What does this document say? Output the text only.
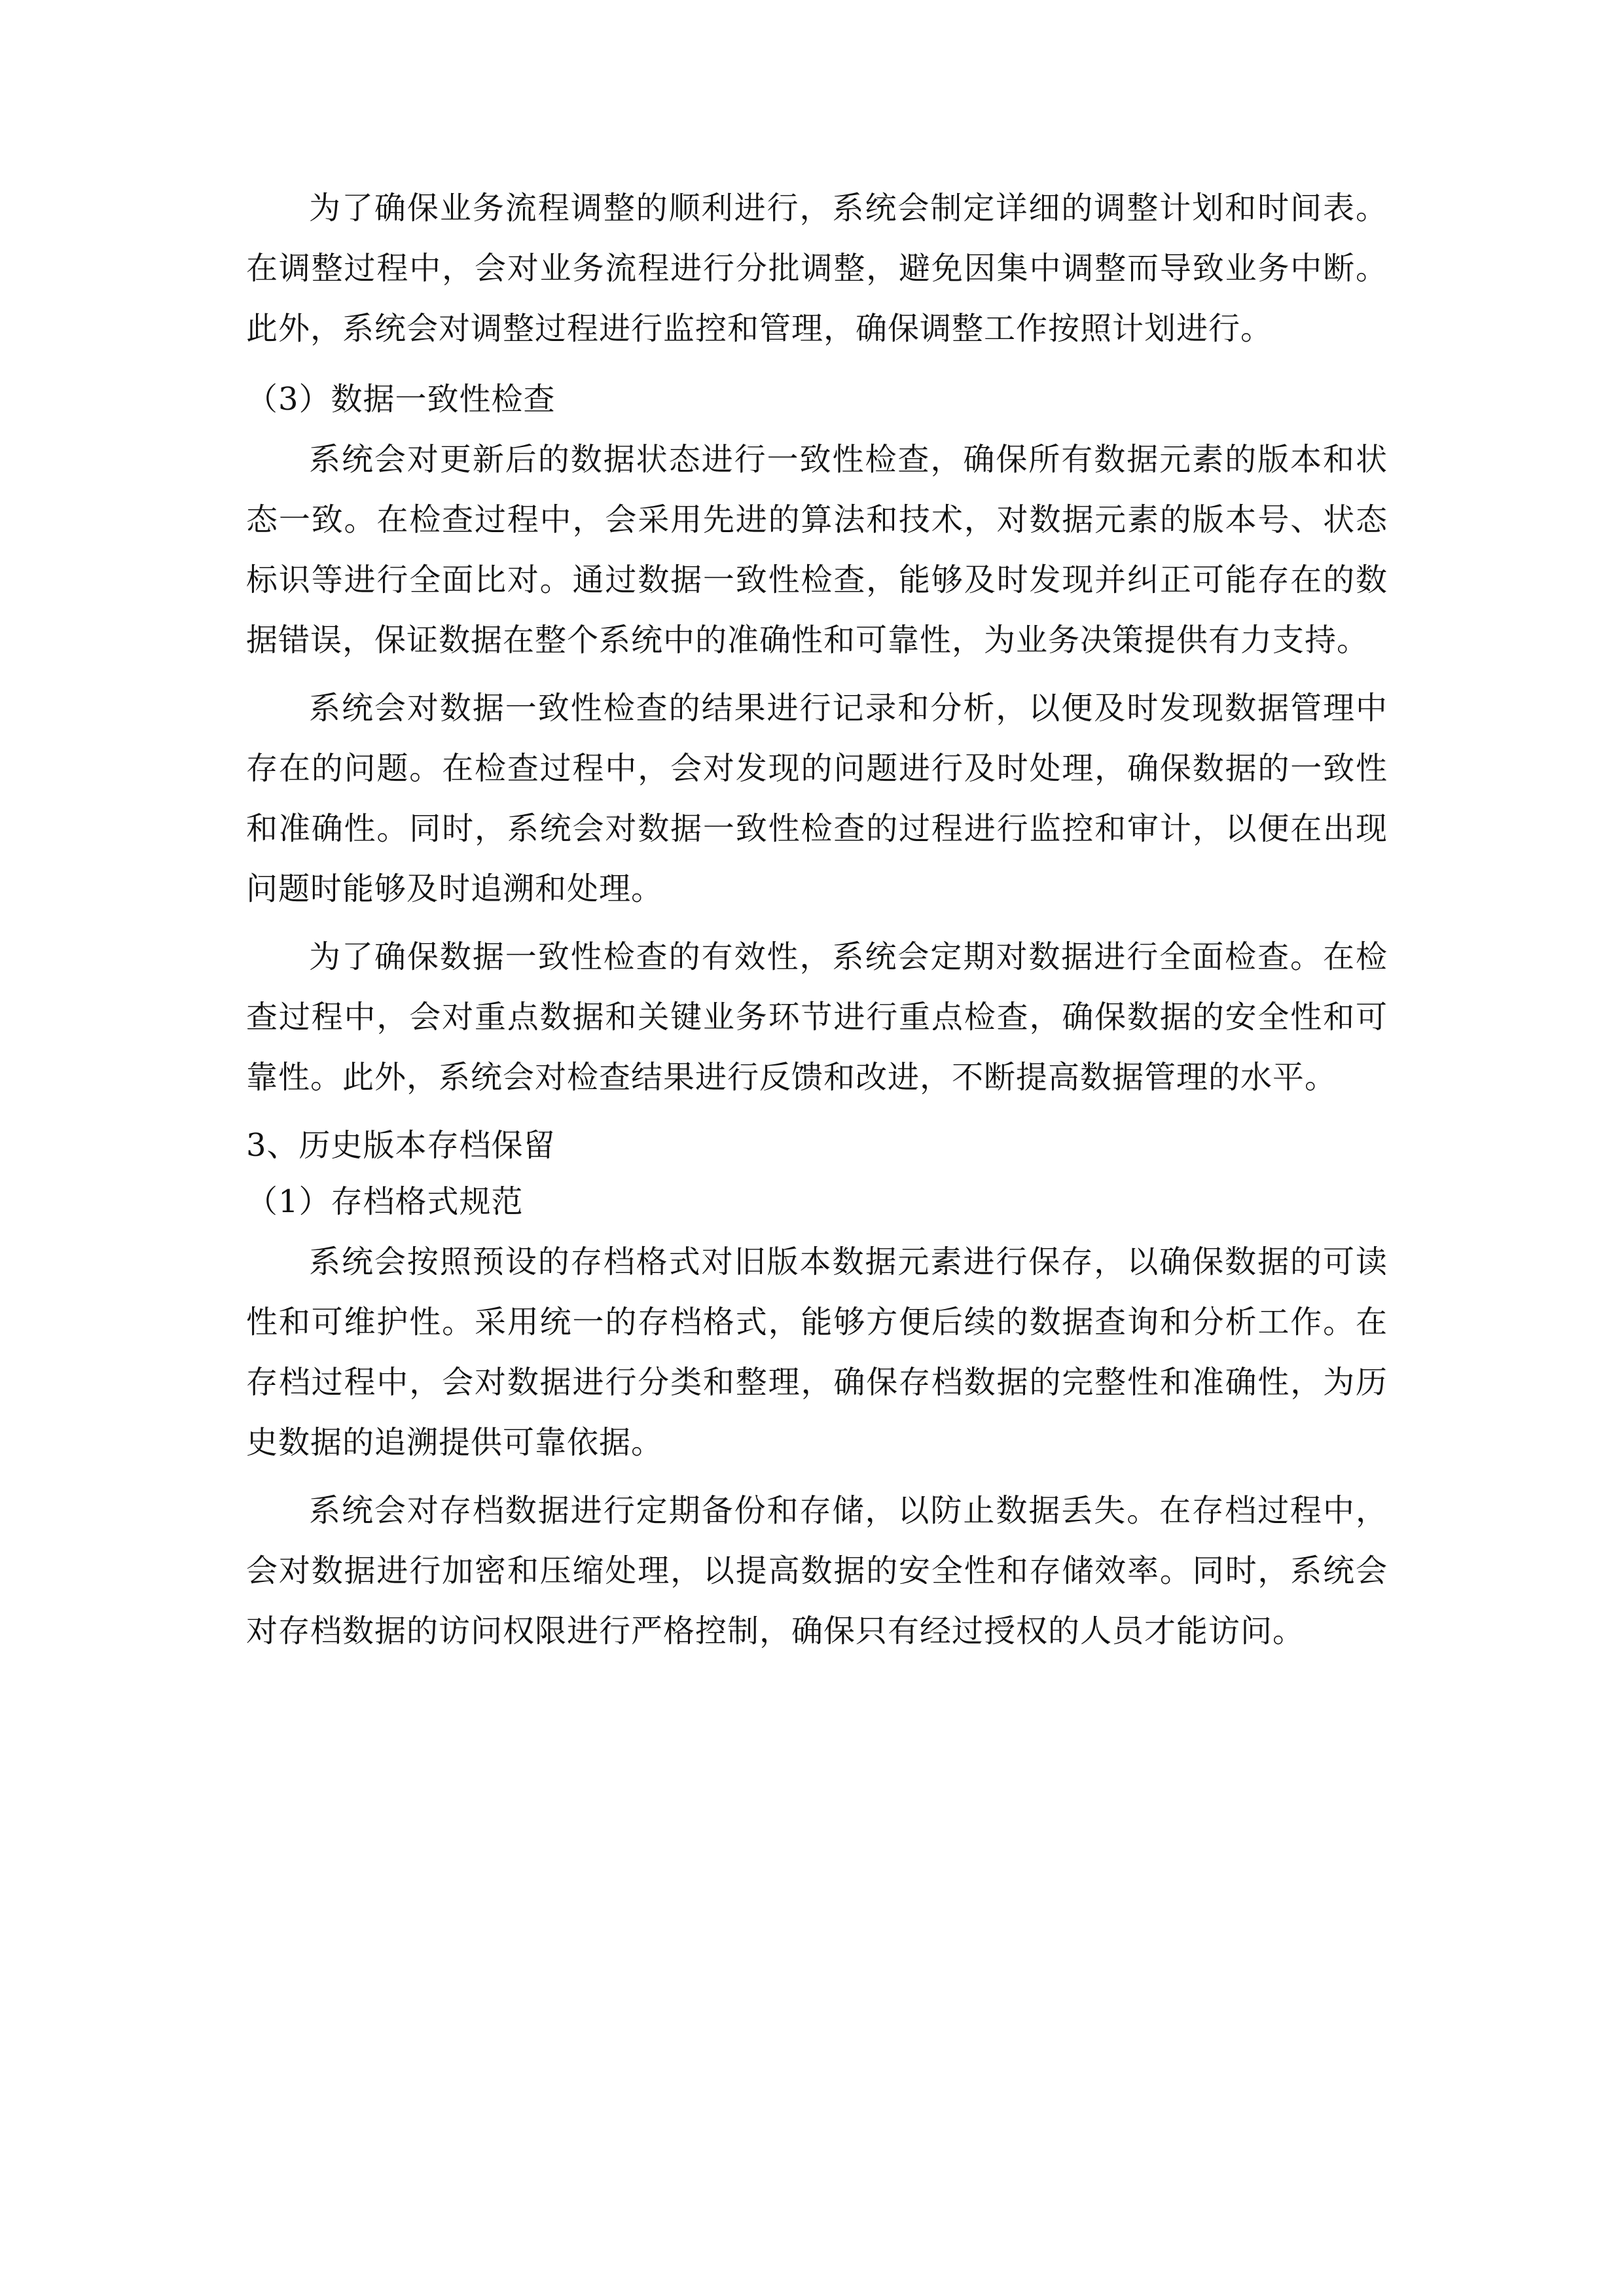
为了确保业务流程调整的顺利进行，系统会制定详细的调整计划和时间表。在调整过程中，会对业务流程进行分批调整，避免因集中调整而导致业务中断。此外，系统会对调整过程进行监控和管理，确保调整工作按照计划进行。

（3）数据一致性检查

系统会对更新后的数据状态进行一致性检查，确保所有数据元素的版本和状态一致。在检查过程中，会采用先进的算法和技术，对数据元素的版本号、状态标识等进行全面比对。通过数据一致性检查，能够及时发现并纠正可能存在的数据错误，保证数据在整个系统中的准确性和可靠性，为业务决策提供有力支持。

系统会对数据一致性检查的结果进行记录和分析，以便及时发现数据管理中存在的问题。在检查过程中，会对发现的问题进行及时处理，确保数据的一致性和准确性。同时，系统会对数据一致性检查的过程进行监控和审计，以便在出现问题时能够及时追溯和处理。

为了确保数据一致性检查的有效性，系统会定期对数据进行全面检查。在检查过程中，会对重点数据和关键业务环节进行重点检查，确保数据的安全性和可靠性。此外，系统会对检查结果进行反馈和改进，不断提高数据管理的水平。

3、历史版本存档保留
（1）存档格式规范

系统会按照预设的存档格式对旧版本数据元素进行保存，以确保数据的可读性和可维护性。采用统一的存档格式，能够方便后续的数据查询和分析工作。在存档过程中，会对数据进行分类和整理，确保存档数据的完整性和准确性，为历史数据的追溯提供可靠依据。

系统会对存档数据进行定期备份和存储，以防止数据丢失。在存档过程中，会对数据进行加密和压缩处理，以提高数据的安全性和存储效率。同时，系统会对存档数据的访问权限进行严格控制，确保只有经过授权的人员才能访问。
